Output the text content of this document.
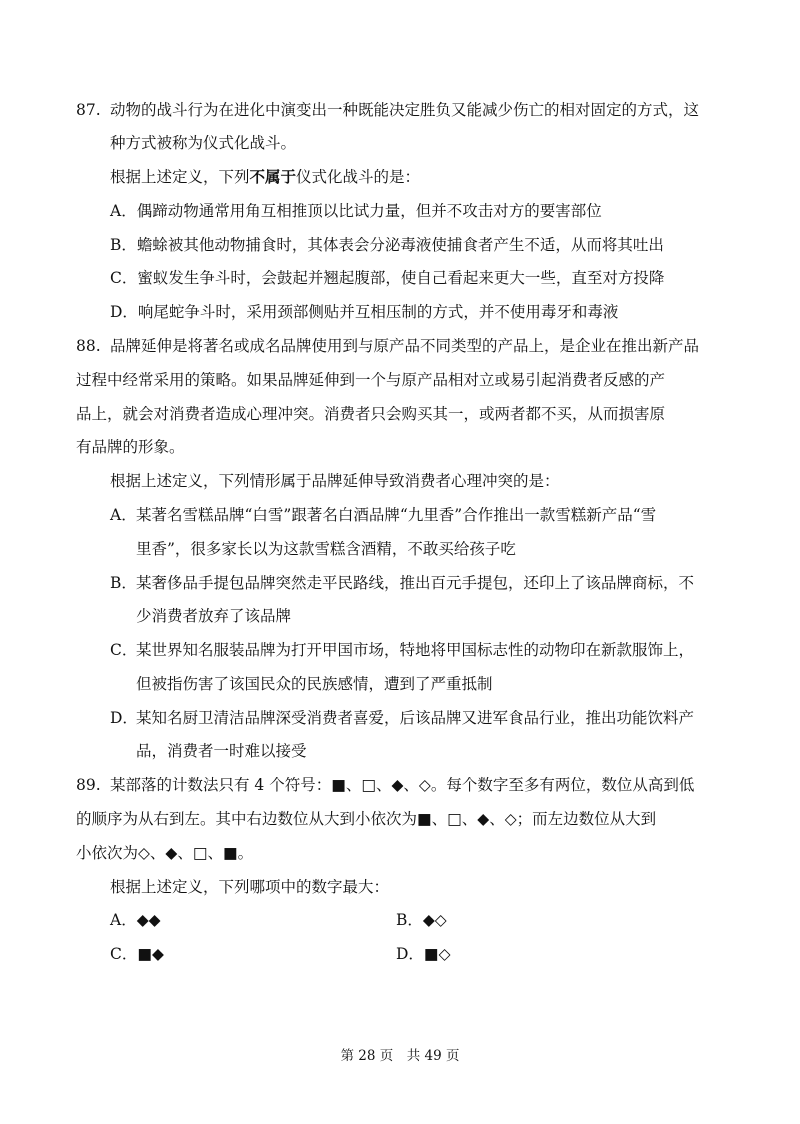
87. 动物的战斗行为在进化中演变出一种既能决定胜负又能减少伤亡的相对固定的方式，这
种方式被称为仪式化战斗。
根据上述定义，下列不属于仪式化战斗的是：
A．偶蹄动物通常用角互相推顶以比试力量，但并不攻击对方的要害部位
B．蟾蜍被其他动物捕食时，其体表会分泌毒液使捕食者产生不适，从而将其吐出
C．蜜蚁发生争斗时，会鼓起并翘起腹部，使自己看起来更大一些，直至对方投降
D．响尾蛇争斗时，采用颈部侧贴并互相压制的方式，并不使用毒牙和毒液
88. 品牌延伸是将著名或成名品牌使用到与原产品不同类型的产品上，是企业在推出新产品
过程中经常采用的策略。如果品牌延伸到一个与原产品相对立或易引起消费者反感的产
品上，就会对消费者造成心理冲突。消费者只会购买其一，或两者都不买，从而损害原
有品牌的形象。
根据上述定义，下列情形属于品牌延伸导致消费者心理冲突的是：
A． 某著名雪糕品牌“白雪”跟著名白酒品牌“九里香”合作推出一款雪糕新产品“雪
里香”，很多家长以为这款雪糕含酒精，不敢买给孩子吃
B． 某奢侈品手提包品牌突然走平民路线，推出百元手提包，还印上了该品牌商标，不
少消费者放弃了该品牌
C．
某世界知名服装品牌为打开甲国市场，特地将甲国标志性的动物印在新款服饰上，
但被指伤害了该国民众的民族感情，遭到了严重抵制
D．
某知名厨卫清洁品牌深受消费者喜爱，后该品牌又进军食品行业，推出功能饮料产
品，消费者一时难以接受
89. 某部落的计数法只有 4 个符号：■、□、◆、◇。每个数字至多有两位，数位从高到低
的顺序为从右到左。其中右边数位从大到小依次为■、□、◆、◇；而左边数位从大到
小依次为◇、◆、□、■。
根据上述定义，下列哪项中的数字最大：
A．◆◆	B．◆◇
C．■◆	D．■◇
第 28 页　共 49 页
